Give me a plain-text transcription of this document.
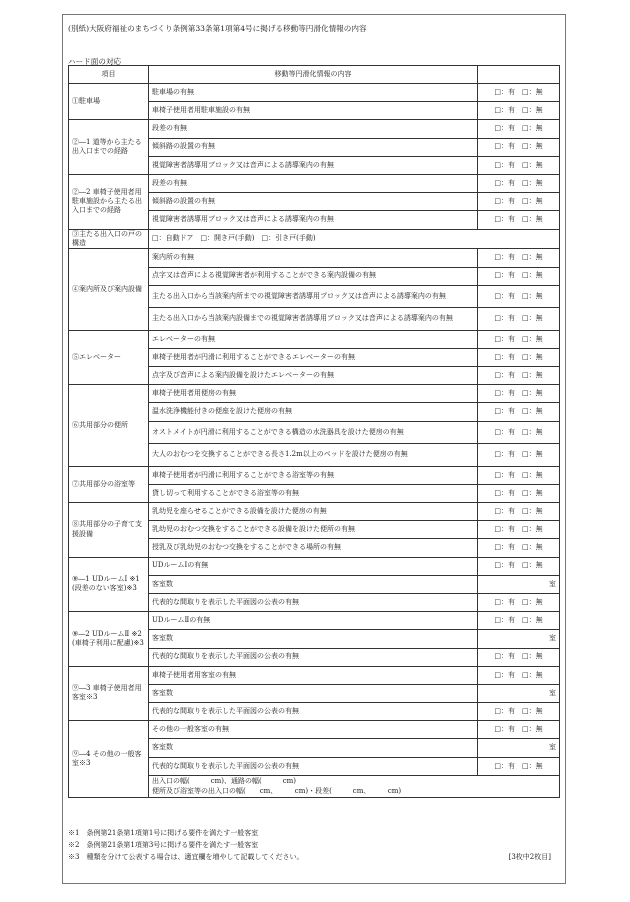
(別紙)大阪府福祉のまちづくり条例第33条第1項第4号に掲げる移動等円滑化情報の内容
ハード面の対応
項目	移動等円滑化情報の内容	
①駐車場	駐車場の有無	□：有　□：無
	車椅子使用者用駐車施設の有無	□：有　□：無
②―1 道等から主たる出入口までの経路	段差の有無	□：有　□：無
	傾斜路の設置の有無	□：有　□：無
	視覚障害者誘導用ブロック又は音声による誘導案内の有無	□：有　□：無
②―2 車椅子使用者用駐車施設から主たる出入口までの経路	段差の有無	□：有　□：無
	傾斜路の設置の有無	□：有　□：無
	視覚障害者誘導用ブロック又は音声による誘導案内の有無	□：有　□：無
③主たる出入口の戸の構造	□：自動ドア　□：開き戸(手動)　□：引き戸(手動)	
④案内所及び案内設備	案内所の有無	□：有　□：無
	点字又は音声による視覚障害者が利用することができる案内設備の有無	□：有　□：無
	主たる出入口から当該案内所までの視覚障害者誘導用ブロック又は音声による誘導案内の有無	□：有　□：無
	主たる出入口から当該案内設備までの視覚障害者誘導用ブロック又は音声による誘導案内の有無	□：有　□：無
⑤エレベーター	エレベーターの有無	□：有　□：無
	車椅子使用者が円滑に利用することができるエレベーターの有無	□：有　□：無
	点字及び音声による案内設備を設けたエレベーターの有無	□：有　□：無
⑥共用部分の便所	車椅子使用者用便房の有無	□：有　□：無
	温水洗浄機能付きの便座を設けた便房の有無	□：有　□：無
	オストメイトが円滑に利用することができる構造の水洗器具を設けた便房の有無	□：有　□：無
	大人のおむつを交換することができる長さ1.2m以上のベッドを設けた便房の有無	□：有　□：無
⑦共用部分の浴室等	車椅子使用者が円滑に利用することができる浴室等の有無	□：有　□：無
	貸し切って利用することができる浴室等の有無	□：有　□：無
⑧共用部分の子育て支援設備	乳幼児を座らせることができる設備を設けた便房の有無	□：有　□：無
	乳幼児のおむつ交換をすることができる設備を設けた便所の有無	□：有　□：無
	授乳及び乳幼児のおむつ交換をすることができる場所の有無	□：有　□：無
⑨―1 UDルームⅠ ※1 (段差のない客室)※3	UDルームⅠの有無	□：有　□：無
	客室数	室
	代表的な間取りを表示した平面図の公表の有無	□：有　□：無
⑨―2 UDルームⅡ ※2 (車椅子利用に配慮)※3	UDルームⅡの有無	□：有　□：無
	客室数	室
	代表的な間取りを表示した平面図の公表の有無	□：有　□：無
⑨―3 車椅子使用者用客室※3	車椅子使用者用客室の有無	□：有　□：無
	客室数	室
	代表的な間取りを表示した平面図の公表の有無	□：有　□：無
⑨―4 その他の一般客室※3	その他の一般客室の有無	□：有　□：無
	客室数	室
	代表的な間取りを表示した平面図の公表の有無	□：有　□：無
	出入口の幅(　　　cm)、通路の幅(　　　cm)
便所及び浴室等の出入口の幅(　　cm、　　　cm)・段差(　　　cm、　　　cm)	
※1　条例第21条第1項第1号に掲げる要件を満たす一般客室
※2　条例第21条第1項第3号に掲げる要件を満たす一般客室
※3　種類を分けて公表する場合は、適宜欄を増やして記載してください。	[3枚中2枚目]
